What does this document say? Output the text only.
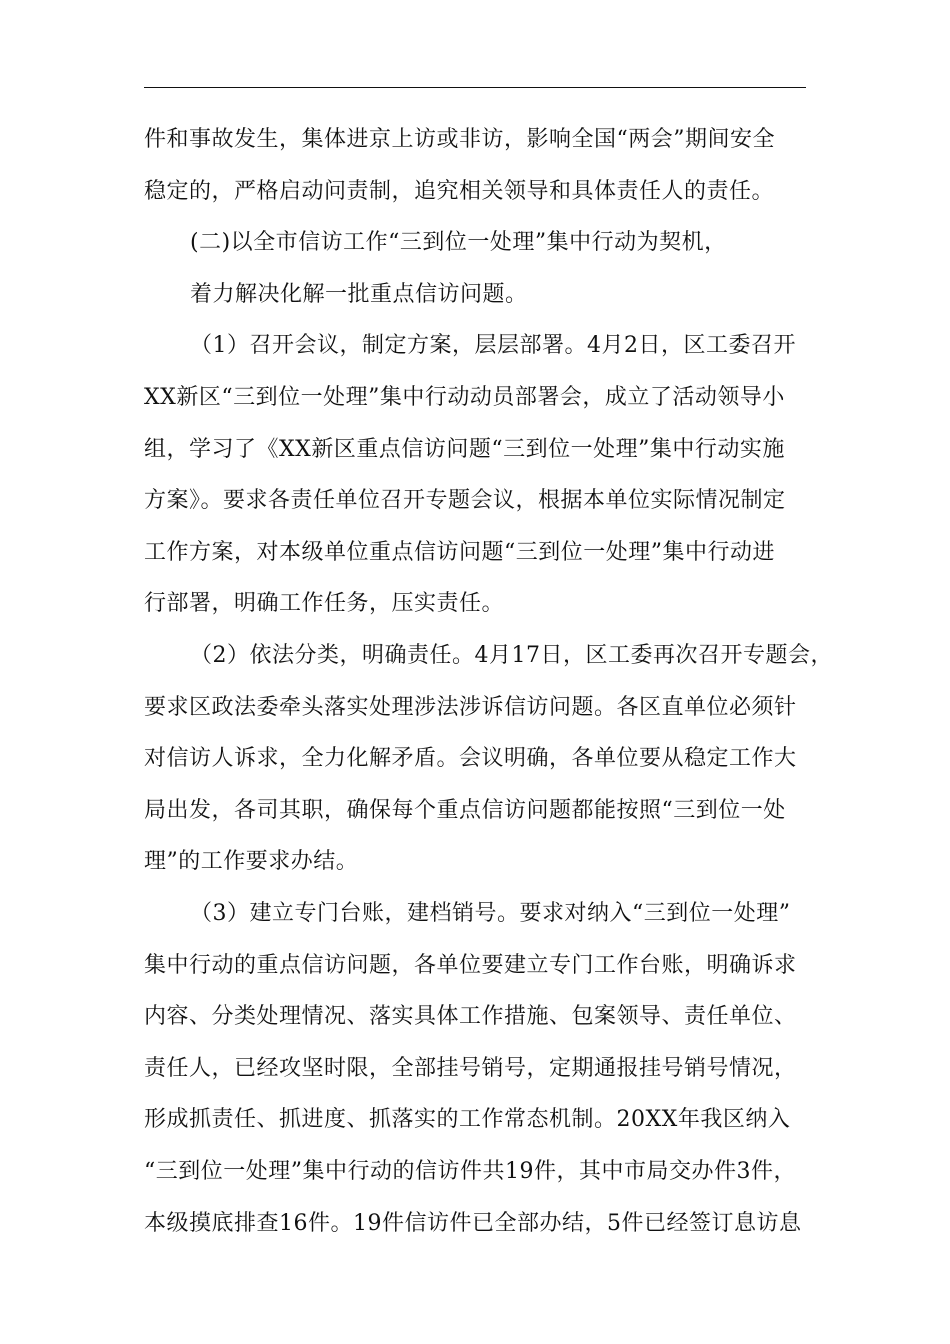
件和事故发生，集体进京上访或非访，影响全国“两会”期间安全
稳定的，严格启动问责制，追究相关领导和具体责任人的责任。
(二)以全市信访工作“三到位一处理”集中行动为契机，
着力解决化解一批重点信访问题。
（1）召开会议，制定方案，层层部署。4月2日，区工委召开
XX新区“三到位一处理”集中行动动员部署会，成立了活动领导小
组，学习了《XX新区重点信访问题“三到位一处理”集中行动实施
方案》。要求各责任单位召开专题会议，根据本单位实际情况制定
工作方案，对本级单位重点信访问题“三到位一处理”集中行动进
行部署，明确工作任务，压实责任。
（2）依法分类，明确责任。4月17日，区工委再次召开专题会，
要求区政法委牵头落实处理涉法涉诉信访问题。各区直单位必须针
对信访人诉求，全力化解矛盾。会议明确，各单位要从稳定工作大
局出发，各司其职，确保每个重点信访问题都能按照“三到位一处
理”的工作要求办结。
（3）建立专门台账，建档销号。要求对纳入“三到位一处理”
集中行动的重点信访问题，各单位要建立专门工作台账，明确诉求
内容、分类处理情况、落实具体工作措施、包案领导、责任单位、
责任人，已经攻坚时限，全部挂号销号，定期通报挂号销号情况，
形成抓责任、抓进度、抓落实的工作常态机制。20XX年我区纳入
“三到位一处理”集中行动的信访件共19件，其中市局交办件3件，
本级摸底排查16件。19件信访件已全部办结，5件已经签订息访息
